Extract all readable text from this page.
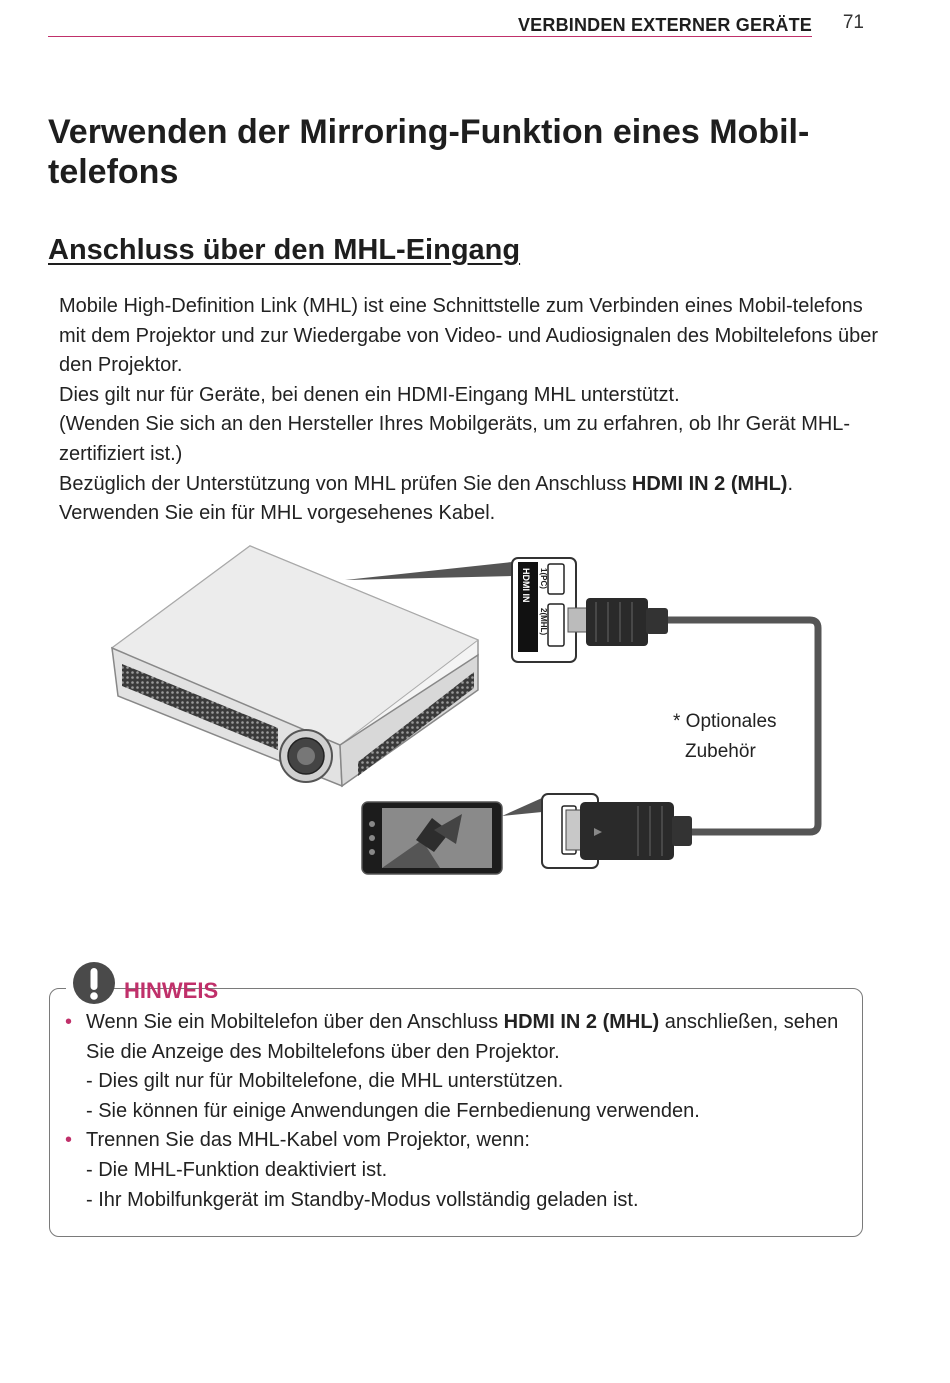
VERBINDEN EXTERNER GERÄTE 71
Verwenden der Mirroring-Funktion eines Mobil-telefons
Anschluss über den MHL-Eingang

Mobile High-Definition Link (MHL) ist eine Schnittstelle zum Verbinden eines Mobil-telefons mit dem Projektor und zur Wiedergabe von Video- und Audiosignalen des Mobiltelefons über den Projektor.

Dies gilt nur für Geräte, bei denen ein HDMI-Eingang MHL unterstützt.

(Wenden Sie sich an den Hersteller Ihres Mobilgeräts, um zu erfahren, ob Ihr Gerät MHL-zertifiziert ist.)

Bezüglich der Unterstützung von MHL prüfen Sie den Anschluss HDMI IN 2 (MHL).

Verwenden Sie ein für MHL vorgesehenes Kabel.

HDMI IN 1(PC)
2(MHL)
* Optionales
Zubehör
HINWEIS
• Wenn Sie ein Mobiltelefon über den Anschluss HDMI IN 2 (MHL) anschließen, sehen Sie die Anzeige des Mobiltelefons über den Projektor.

- Dies gilt nur für Mobiltelefone, die MHL unterstützen.

- Sie können für einige Anwendungen die Fernbedienung verwenden.

• Trennen Sie das MHL-Kabel vom Projektor, wenn:

- Die MHL-Funktion deaktiviert ist.

- Ihr Mobilfunkgerät im Standby-Modus vollständig geladen ist.
